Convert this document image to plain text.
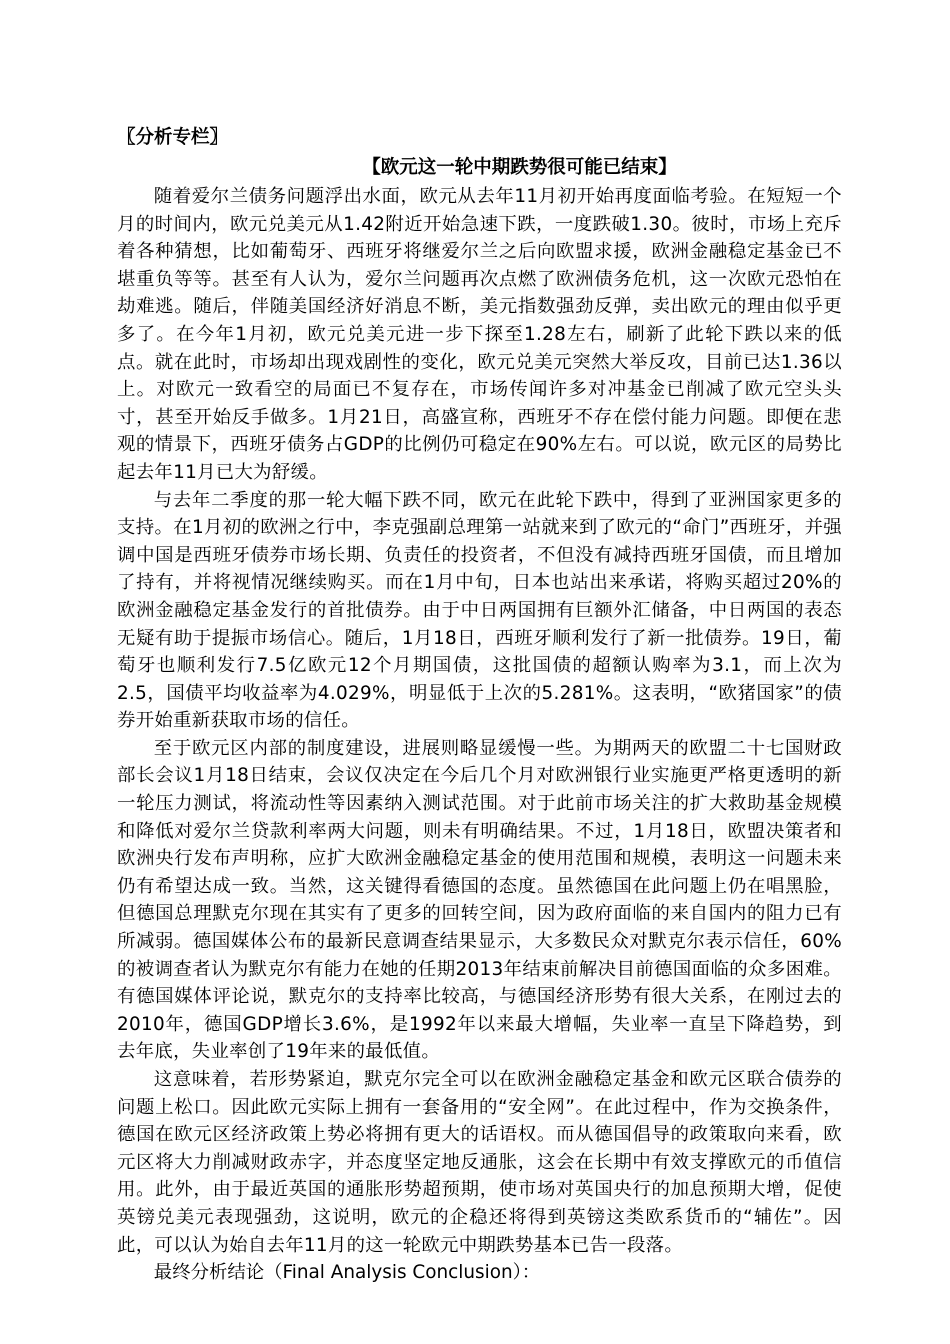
〖分析专栏〗

【欧元这一轮中期跌势很可能已结束】

随着爱尔兰债务问题浮出水面，欧元从去年11月初开始再度面临考验。在短短一个月的时间内，欧元兑美元从1.42附近开始急速下跌，一度跌破1.30。彼时，市场上充斥着各种猜想，比如葡萄牙、西班牙将继爱尔兰之后向欧盟求援，欧洲金融稳定基金已不堪重负等等。甚至有人认为，爱尔兰问题再次点燃了欧洲债务危机，这一次欧元恐怕在劫难逃。随后，伴随美国经济好消息不断，美元指数强劲反弹，卖出欧元的理由似乎更多了。在今年1月初，欧元兑美元进一步下探至1.28左右，刷新了此轮下跌以来的低点。就在此时，市场却出现戏剧性的变化，欧元兑美元突然大举反攻，目前已达1.36以上。对欧元一致看空的局面已不复存在，市场传闻许多对冲基金已削减了欧元空头头寸，甚至开始反手做多。1月21日，高盛宣称，西班牙不存在偿付能力问题。即便在悲观的情景下，西班牙债务占GDP的比例仍可稳定在90%左右。可以说，欧元区的局势比起去年11月已大为舒缓。

与去年二季度的那一轮大幅下跌不同，欧元在此轮下跌中，得到了亚洲国家更多的支持。在1月初的欧洲之行中，李克强副总理第一站就来到了欧元的“命门”西班牙，并强调中国是西班牙债券市场长期、负责任的投资者，不但没有减持西班牙国债，而且增加了持有，并将视情况继续购买。而在1月中旬，日本也站出来承诺，将购买超过20%的欧洲金融稳定基金发行的首批债券。由于中日两国拥有巨额外汇储备，中日两国的表态无疑有助于提振市场信心。随后，1月18日，西班牙顺利发行了新一批债券。19日，葡萄牙也顺利发行7.5亿欧元12个月期国债，这批国债的超额认购率为3.1，而上次为2.5，国债平均收益率为4.029%，明显低于上次的5.281%。这表明，“欧猪国家”的债券开始重新获取市场的信任。

至于欧元区内部的制度建设，进展则略显缓慢一些。为期两天的欧盟二十七国财政部长会议1月18日结束，会议仅决定在今后几个月对欧洲银行业实施更严格更透明的新一轮压力测试，将流动性等因素纳入测试范围。对于此前市场关注的扩大救助基金规模和降低对爱尔兰贷款利率两大问题，则未有明确结果。不过，1月18日，欧盟决策者和欧洲央行发布声明称，应扩大欧洲金融稳定基金的使用范围和规模，表明这一问题未来仍有希望达成一致。当然，这关键得看德国的态度。虽然德国在此问题上仍在唱黑脸，但德国总理默克尔现在其实有了更多的回转空间，因为政府面临的来自国内的阻力已有所减弱。德国媒体公布的最新民意调查结果显示，大多数民众对默克尔表示信任，60%的被调查者认为默克尔有能力在她的任期2013年结束前解决目前德国面临的众多困难。有德国媒体评论说，默克尔的支持率比较高，与德国经济形势有很大关系，在刚过去的2010年，德国GDP增长3.6%，是1992年以来最大增幅，失业率一直呈下降趋势，到去年底，失业率创了19年来的最低值。

这意味着，若形势紧迫，默克尔完全可以在欧洲金融稳定基金和欧元区联合债券的问题上松口。因此欧元实际上拥有一套备用的“安全网”。在此过程中，作为交换条件，德国在欧元区经济政策上势必将拥有更大的话语权。而从德国倡导的政策取向来看，欧元区将大力削减财政赤字，并态度坚定地反通胀，这会在长期中有效支撑欧元的币值信用。此外，由于最近英国的通胀形势超预期，使市场对英国央行的加息预期大增，促使英镑兑美元表现强劲，这说明，欧元的企稳还将得到英镑这类欧系货币的“辅佐”。因此，可以认为始自去年11月的这一轮欧元中期跌势基本已告一段落。

最终分析结论（Final Analysis Conclusion）：
